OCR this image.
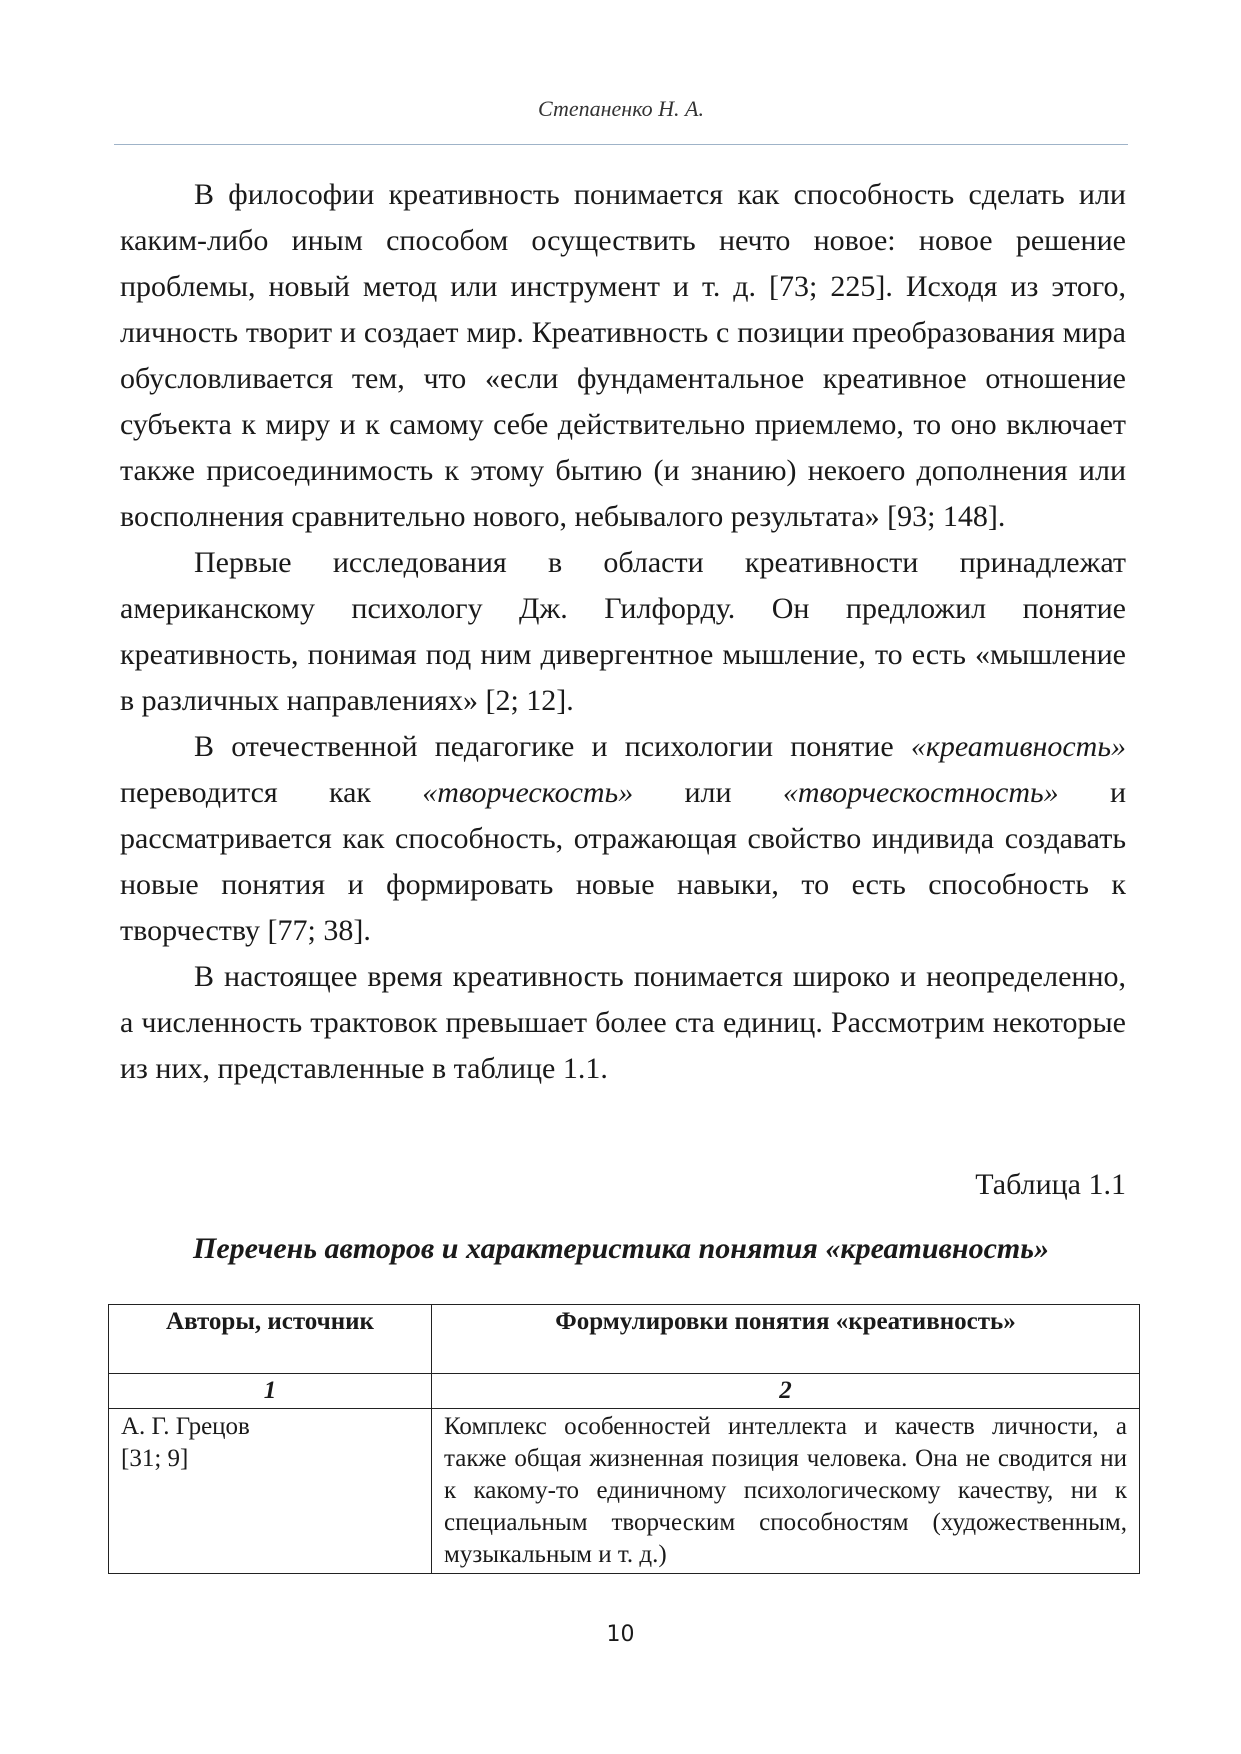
Степаненко Н. А.

В философии креативность понимается как способность сделать или каким-либо иным способом осуществить нечто новое: новое решение проблемы, новый метод или инструмент и т. д. [73; 225]. Исходя из этого, личность творит и создает мир. Креативность с позиции преобразования мира обусловливается тем, что «если фундаментальное креативное отношение субъекта к миру и к самому себе действительно приемлемо, то оно включает также присоединимость к этому бытию (и знанию) некоего дополнения или восполнения сравнительно нового, небывалого результата» [93; 148].

Первые исследования в области креативности принадлежат американскому психологу Дж. Гилфорду. Он предложил понятие креативность, понимая под ним дивергентное мышление, то есть «мышление в различных направлениях» [2; 12].

В отечественной педагогике и психологии понятие «креативность» переводится как «творческость» или «творческостность» и рассматривается как способность, отражающая свойство индивида создавать новые понятия и формировать новые навыки, то есть способность к творчеству [77; 38].

В настоящее время креативность понимается широко и неопределенно, а численность трактовок превышает более ста единиц. Рассмотрим некоторые из них, представленные в таблице 1.1.

Таблица 1.1
Перечень авторов и характеристика понятия «креативность»
Авторы, источник	Формулировки понятия «креативность»
1	2

А. Г. Грецов
[31; 9]	Комплекс особенностей интеллекта и качеств личности, а также общая жизненная позиция человека. Она не сводится ни к какому-то единичному психологическому качеству, ни к специальным творческим способностям (художественным, музыкальным и т. д.)
10
